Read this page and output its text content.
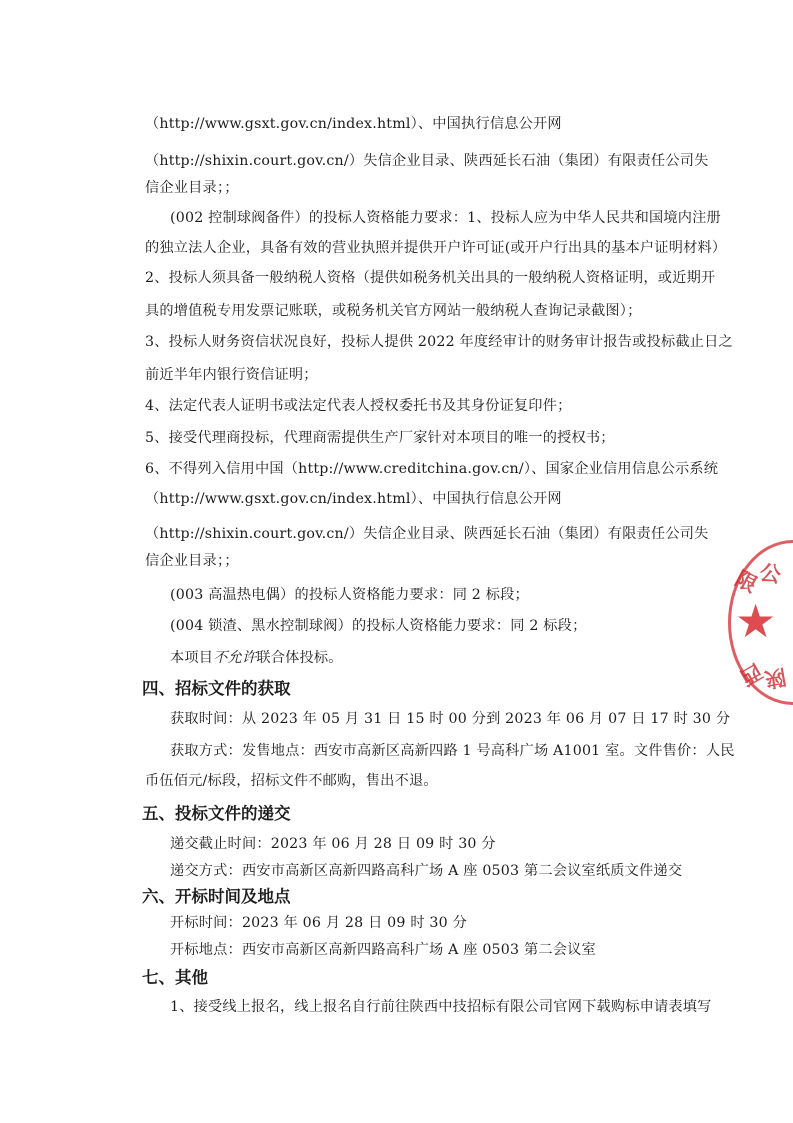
（http://www.gsxt.gov.cn/index.html）、中国执行信息公开网
（http://shixin.court.gov.cn/）失信企业目录、陕西延长石油（集团）有限责任公司失
信企业目录；；
(002 控制球阀备件）的投标人资格能力要求：1、投标人应为中华人民共和国境内注册
的独立法人企业，具备有效的营业执照并提供开户许可证(或开户行出具的基本户证明材料）
2、投标人须具备一般纳税人资格（提供如税务机关出具的一般纳税人资格证明，或近期开
具的增值税专用发票记账联，或税务机关官方网站一般纳税人查询记录截图）；
3、投标人财务资信状况良好，投标人提供 2022 年度经审计的财务审计报告或投标截止日之
前近半年内银行资信证明；
4、法定代表人证明书或法定代表人授权委托书及其身份证复印件；
5、接受代理商投标，代理商需提供生产厂家针对本项目的唯一的授权书；
6、不得列入信用中国（http://www.creditchina.gov.cn/）、国家企业信用信息公示系统
（http://www.gsxt.gov.cn/index.html）、中国执行信息公开网
（http://shixin.court.gov.cn/）失信企业目录、陕西延长石油（集团）有限责任公司失
信企业目录；；
(003 高温热电偶）的投标人资格能力要求：同 2 标段；
(004 锁渣、黑水控制球阀）的投标人资格能力要求：同 2 标段；
本项目不允许联合体投标。
四、招标文件的获取
获取时间：从 2023 年 05 月 31 日 15 时 00 分到 2023 年 06 月 07 日 17 时 30 分
获取方式：发售地点：西安市高新区高新四路 1 号高科广场 A1001 室。文件售价：人民
币伍佰元/标段，招标文件不邮购，售出不退。
五、投标文件的递交
递交截止时间：2023 年 06 月 28 日 09 时 30 分
递交方式：西安市高新区高新四路高科广场 A 座 0503 第二会议室纸质文件递交
六、开标时间及地点
开标时间：2023 年 06 月 28 日 09 时 30 分
开标地点：西安市高新区高新四路高科广场 A 座 0503 第二会议室
七、其他
1、接受线上报名，线上报名自行前往陕西中技招标有限公司官网下载购标申请表填写
限
公
★
西
陕
